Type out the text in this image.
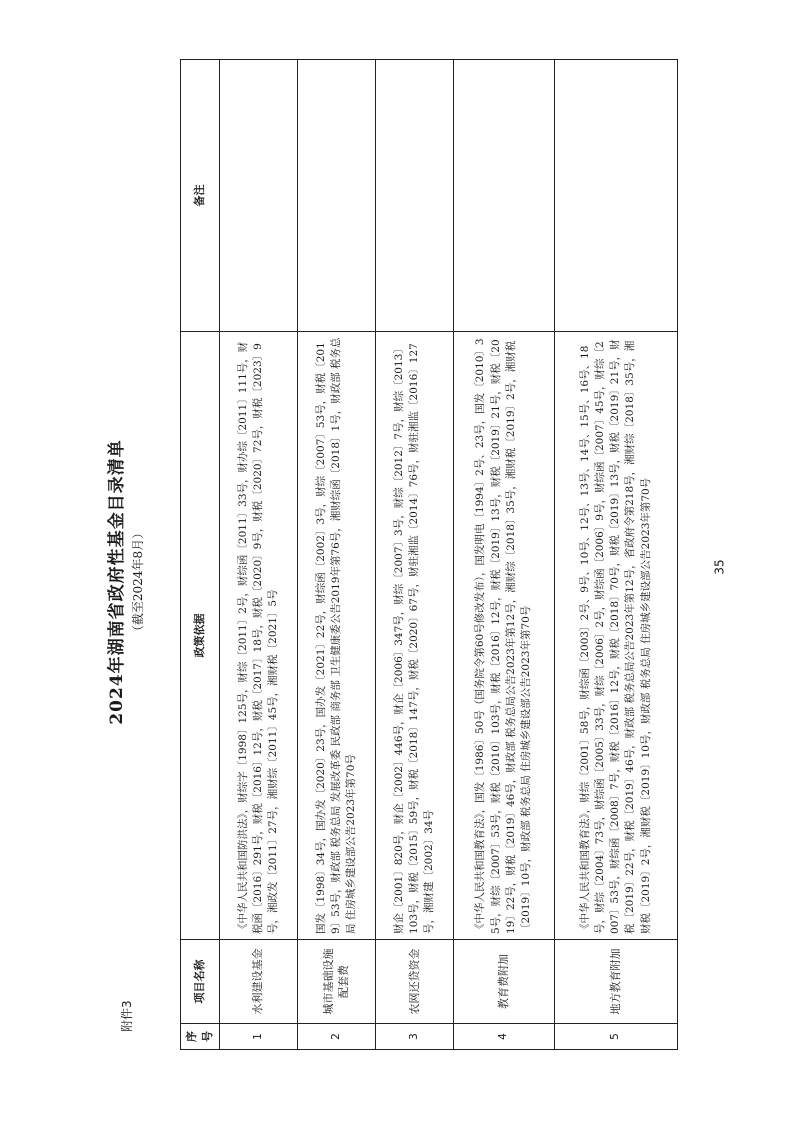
附件3
2024年湖南省政府性基金目录清单 （截至2024年8月）
序号	项目名称	政策依据	备注
1	水利建设基金	《中华人民共和国防洪法》，财综字〔1998〕125号，财综〔2011〕2号，财综函〔2011〕33号，财办综〔2011〕111号，财税函〔2016〕291号，财税〔2016〕12号，财税〔2017〕18号，财税〔2020〕9号，财税〔2020〕72号，财税〔2023〕9号，湘政发〔2011〕27号，湘财综〔2011〕45号，湘财税〔2021〕5号	
2	城市基础设施配套费	国发〔1998〕34号，国办发〔2020〕23号，国办发〔2021〕22号，财综函〔2002〕3号，财综〔2007〕53号，财税〔2019〕53号，财政部 税务总局 发展改革委 民政部 商务部 卫生健康委公告2019年第76号，湘财综函〔2018〕1号，财政部 税务总局 住房城乡建设部公告2023年第70号	
3	农网还贷资金	财企〔2001〕820号，财企〔2002〕446号，财企〔2006〕347号，财综〔2007〕3号，财综〔2012〕7号，财综〔2013〕103号，财税〔2015〕59号，财税〔2018〕147号，财税〔2020〕67号，财驻湘监〔2014〕76号，财驻湘监〔2016〕127号，湘财建〔2002〕34号	
4	教育费附加	《中华人民共和国教育法》，国发〔1986〕50号（国务院令第60号修改发布），国发明电〔1994〕2号、23号，国发〔2010〕35号，财综〔2007〕53号，财税〔2010〕103号，财税〔2016〕12号，财税〔2019〕13号，财税〔2019〕21号，财税〔2019〕22号，财税〔2019〕46号，财政部 税务总局公告2023年第12号，湘财综〔2018〕35号，湘财税〔2019〕2号，湘财税〔2019〕10号，财政部 税务总局 住房城乡建设部公告2023年第70号	
5	地方教育附加	《中华人民共和国教育法》，财综〔2001〕58号，财综函〔2003〕2号、9号、10号、12号、13号、14号、15号、16号、18号，财综〔2004〕73号，财综函〔2005〕33号，财综〔2006〕2号，财综函〔2006〕9号，财综函〔2007〕45号，财综〔2007〕53号，财综函〔2008〕7号，财税〔2016〕12号，财税〔2018〕70号，财税〔2019〕13号，财税〔2019〕21号，财税〔2019〕22号，财税〔2019〕46号，财政部 税务总局公告2023年第12号，省政府令第218号，湘财综〔2018〕35号，湘财税〔2019〕2号，湘财税〔2019〕10号，财政部 税务总局 住房城乡建设部公告2023年第70号		35
